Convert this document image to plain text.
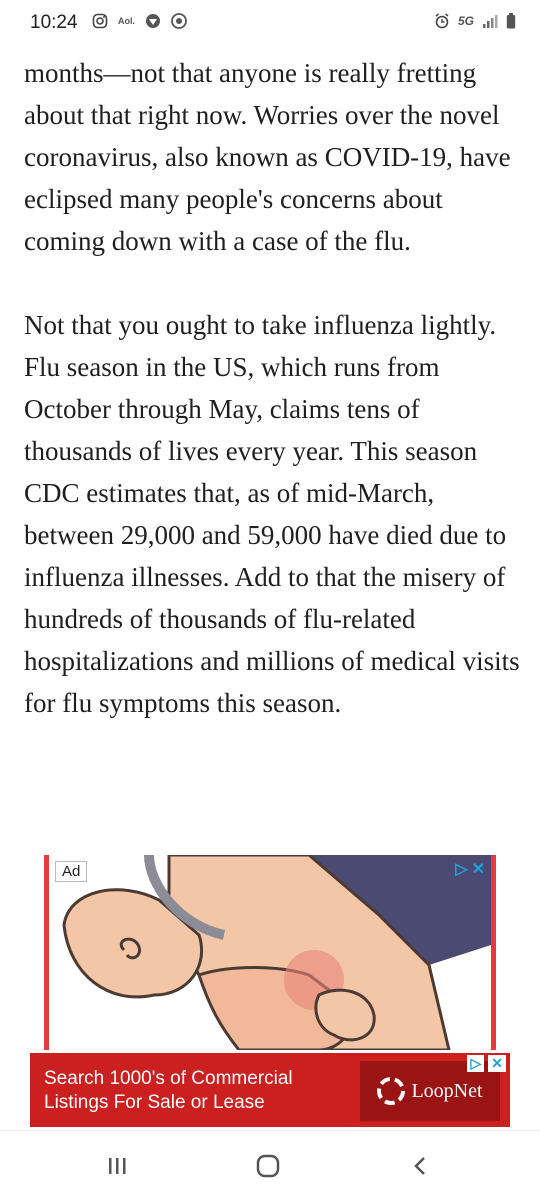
10:24	Aol.	5G

months—not that anyone is really fretting about that right now. Worries over the novel coronavirus, also known as COVID-19, have eclipsed many people's concerns about coming down with a case of the flu.

Not that you ought to take influenza lightly. Flu season in the US, which runs from October through May, claims tens of thousands of lives every year. This season CDC estimates that, as of mid-March, between 29,000 and 59,000 have died due to influenza illnesses. Add to that the misery of hundreds of thousands of flu-related hospitalizations and millions of medical visits for flu symptoms this season.

Ad	▷ ✕
Search 1000's of Commercial
Listings For Sale or Lease
LoopNet
▷ ✕
